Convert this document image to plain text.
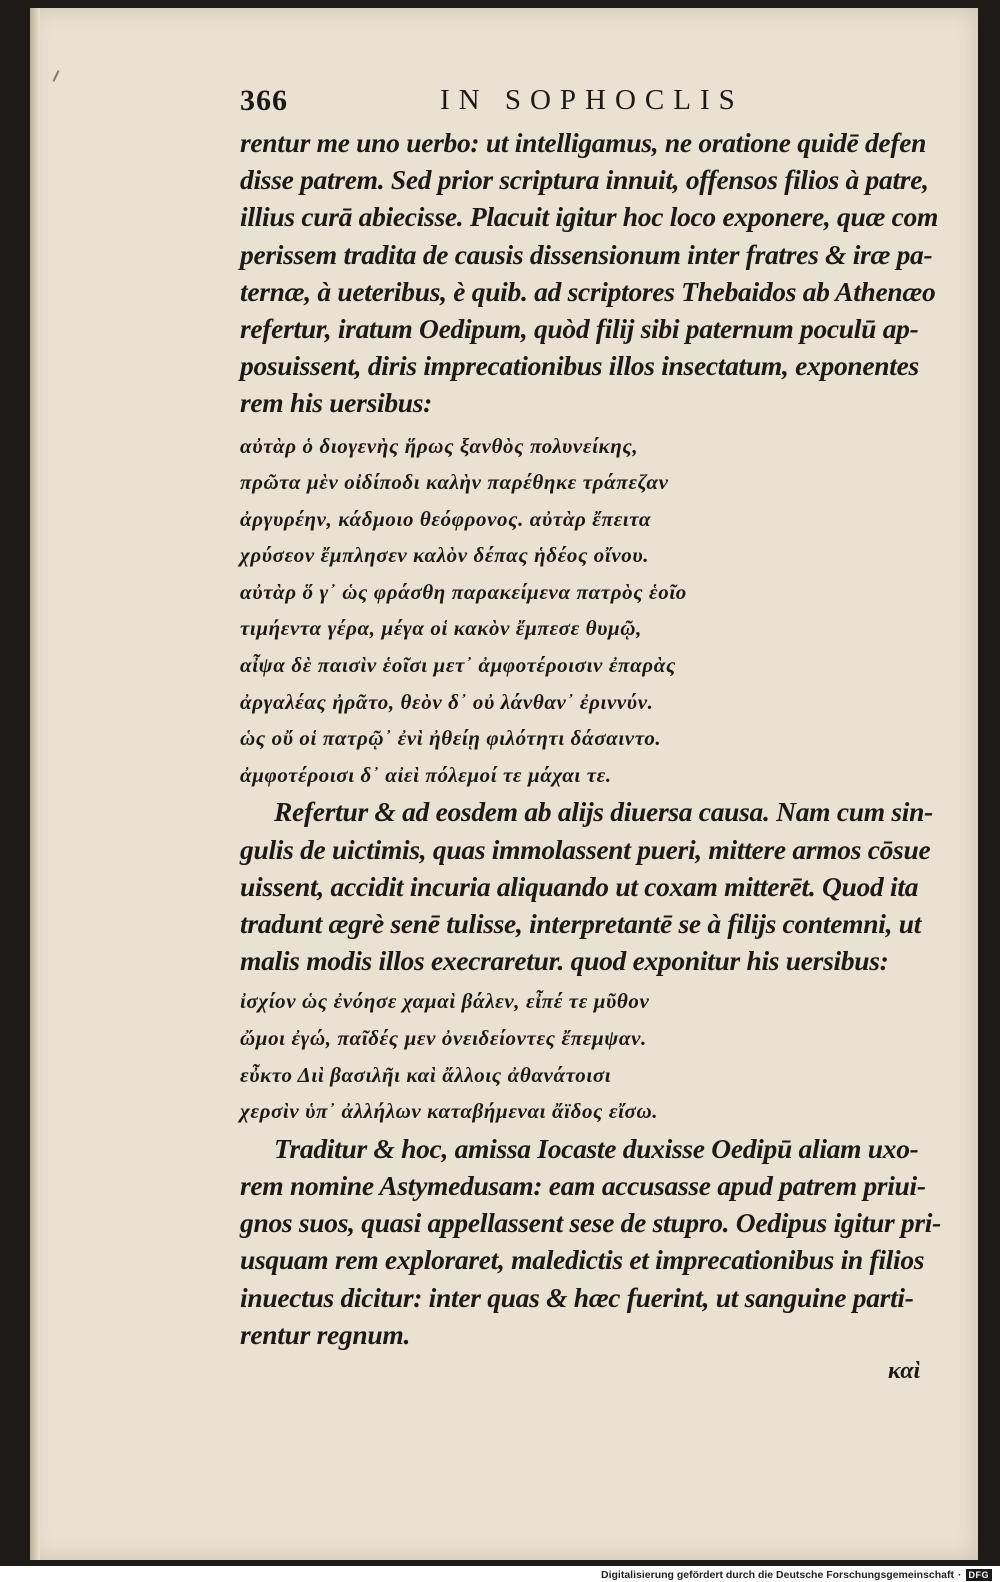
366	IN SOPHOCLIS
rentur me uno uerbo: ut intelligamus, ne oratione quidē defen
disse patrem. Sed prior scriptura innuit, offensos filios à patre,
illius curā abiecisse. Placuit igitur hoc loco exponere, quæ com
perissem tradita de causis dissensionum inter fratres & iræ pa-
ternæ, à ueteribus, è quib. ad scriptores Thebaidos ab Athenæo
refertur, iratum Oedipum, quòd filij sibi paternum poculū ap-
posuissent, diris imprecationibus illos insectatum, exponentes
rem his uersibus:
αὐτὰρ ὁ διογενὴς ἥρως ξανθὸς πολυνείκης,
πρῶτα μὲν οἰδίποδι καλὴν παρέθηκε τράπεζαν
ἀργυρέην, κάδμοιο θεόφρονος. αὐτὰρ ἔπειτα
χρύσεον ἔμπλησεν καλὸν δέπας ἡδέος οἴνου.
αὐτὰρ ὅ γ᾽ ὡς φράσθη παρακείμενα πατρὸς ἑοῖο
τιμήεντα γέρα, μέγα οἱ κακὸν ἔμπεσε θυμῷ,
αἶψα δὲ παισὶν ἑοῖσι μετ᾽ ἀμφοτέροισιν ἐπαρὰς
ἀργαλέας ἠρᾶτο, θεὸν δ᾽ οὐ λάνθαν᾽ ἐριννύν.
ὡς οὔ οἱ πατρῷ᾽ ἐνὶ ἠθείῃ φιλότητι δάσαιντο.
ἀμφοτέροισι δ᾽ αἰεὶ πόλεμοί τε μάχαι τε.
Refertur & ad eosdem ab alijs diuersa causa. Nam cum sin-
gulis de uictimis, quas immolassent pueri, mittere armos cōsue
uissent, accidit incuria aliquando ut coxam mitterēt. Quod ita
tradunt ægrè senē tulisse, interpretantē se à filijs contemni, ut
malis modis illos execraretur. quod exponitur his uersibus:
ἰσχίον ὡς ἐνόησε χαμαὶ βάλεν, εἶπέ τε μῦθον
ὤμοι ἐγώ, παῖδές μεν ὀνειδείοντες ἔπεμψαν.
εὖκτο Διὶ βασιλῆι καὶ ἄλλοις ἀθανάτοισι
χερσὶν ὑπ᾽ ἀλλήλων καταβήμεναι ἄϊδος εἴσω.
Traditur & hoc, amissa Iocaste duxisse Oedipū aliam uxo-
rem nomine Astymedusam: eam accusasse apud patrem priui-
gnos suos, quasi appellassent sese de stupro. Oedipus igitur pri-
usquam rem exploraret, maledictis et imprecationibus in filios
inuectus dicitur: inter quas & hæc fuerint, ut sanguine parti-
rentur regnum.
καὶ
Digitalisierung gefördert durch die Deutsche Forschungsgemeinschaft · DFG
